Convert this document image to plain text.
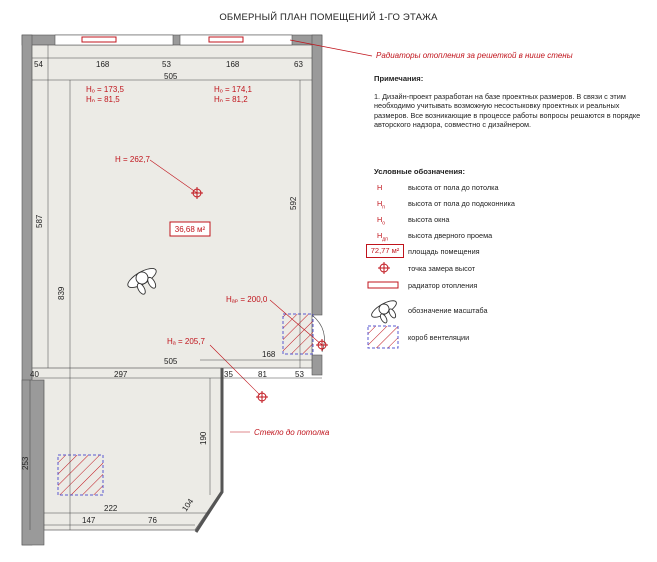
ОБМЕРНЫЙ ПЛАН ПОМЕЩЕНИЙ 1-ГО ЭТАЖА
54	168	53	168	63
505
587
839
592
505
168
40	297	35	81	53
253
190
222
147	76
104
Hₒ = 173,5
Hₙ = 81,5
Hₒ = 174,1
Hₙ = 81,2
H = 262,7
Hₐₚ = 200,0
Hₐ = 205,7
36,68 м²
Радиаторы отопления за решеткой в нише стены
Стекло до потолка
Примечания:
1. Дизайн-проект разработан на базе проектных размеров. В связи с этим необходимо учитывать возможную несостыковку проектных и реальных размеров. Все возникающие в процессе работы вопросы решаются в порядке авторского надзора, совместно с дизайнером.
Условные обозначения:
H	высота от пола до потолка
$H_п$	высота от пола до подоконника
$H_о$	высота окна
$H_{дп}$	высота дверного проема
72,77 м²	площадь помещения
точка замера высот
радиатор отопления
обозначение масштаба
короб вентеляции
